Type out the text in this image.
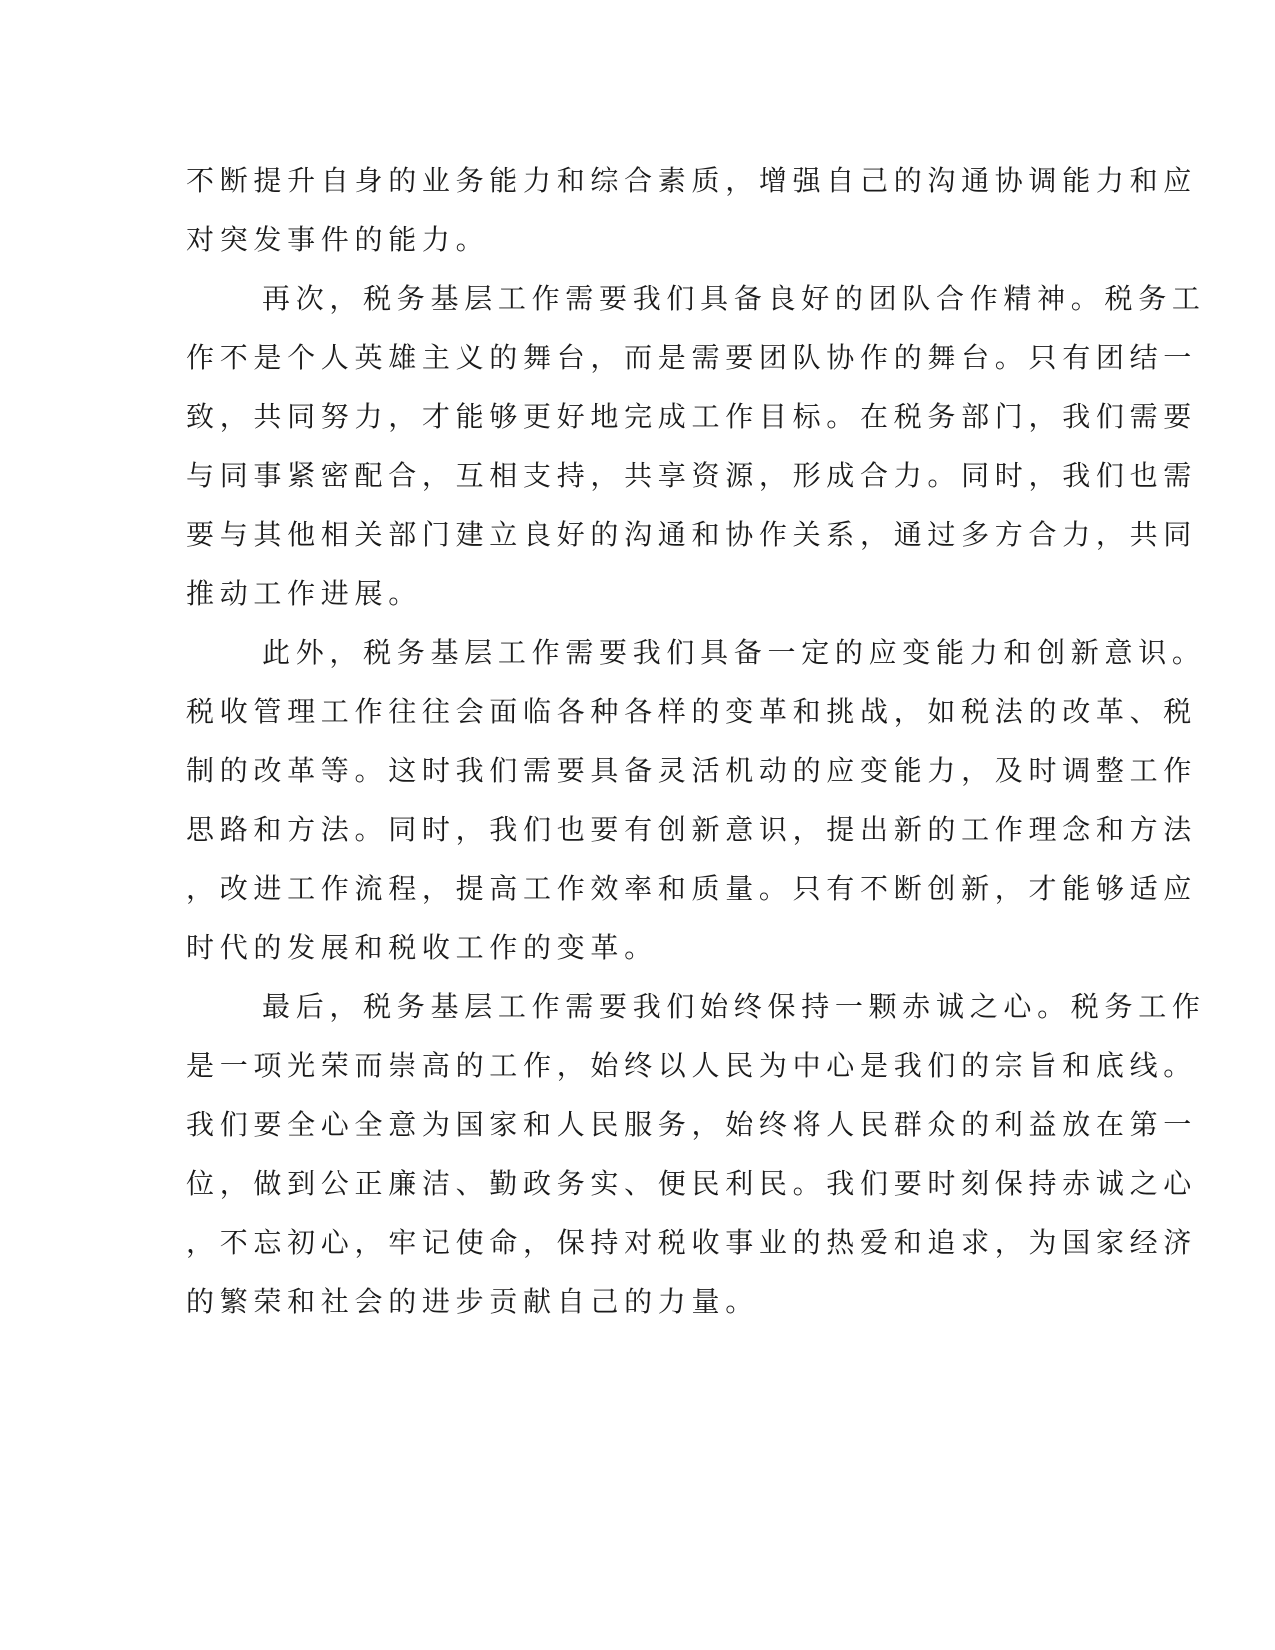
不断提升自身的业务能力和综合素质，增强自己的沟通协调能力和应
对突发事件的能力。
再次，税务基层工作需要我们具备良好的团队合作精神。税务工
作不是个人英雄主义的舞台，而是需要团队协作的舞台。只有团结一
致，共同努力，才能够更好地完成工作目标。在税务部门，我们需要
与同事紧密配合，互相支持，共享资源，形成合力。同时，我们也需
要与其他相关部门建立良好的沟通和协作关系，通过多方合力，共同
推动工作进展。
此外，税务基层工作需要我们具备一定的应变能力和创新意识。
税收管理工作往往会面临各种各样的变革和挑战，如税法的改革、税
制的改革等。这时我们需要具备灵活机动的应变能力，及时调整工作
思路和方法。同时，我们也要有创新意识，提出新的工作理念和方法
，改进工作流程，提高工作效率和质量。只有不断创新，才能够适应
时代的发展和税收工作的变革。
最后，税务基层工作需要我们始终保持一颗赤诚之心。税务工作
是一项光荣而崇高的工作，始终以人民为中心是我们的宗旨和底线。
我们要全心全意为国家和人民服务，始终将人民群众的利益放在第一
位，做到公正廉洁、勤政务实、便民利民。我们要时刻保持赤诚之心
，不忘初心，牢记使命，保持对税收事业的热爱和追求，为国家经济
的繁荣和社会的进步贡献自己的力量。
